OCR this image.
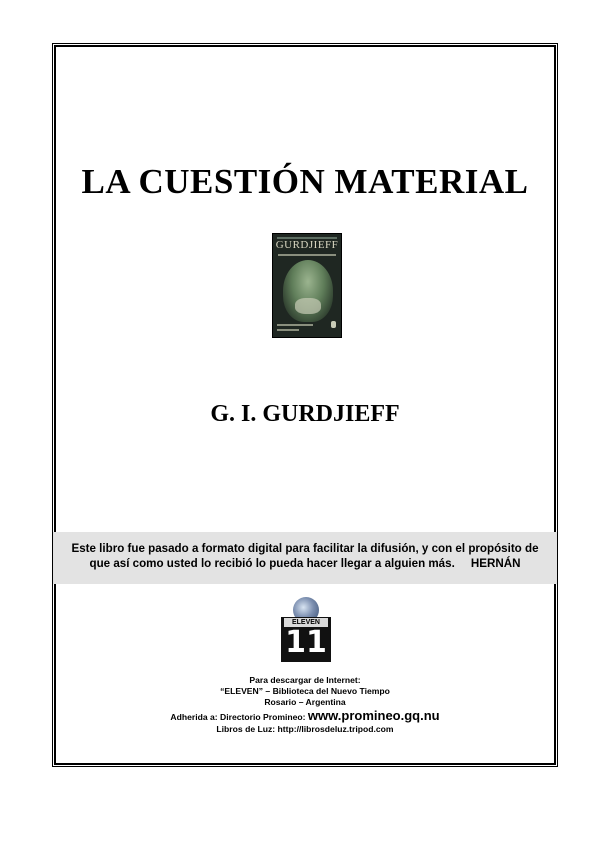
LA CUESTIÓN MATERIAL
GURDJIEFF
G. I. GURDJIEFF
Este libro fue pasado a formato digital para facilitar la difusión, y con el propósito de
que así como usted lo recibió lo pueda hacer llegar a alguien más. HERNÁN
ELEVEN
11
Para descargar de Internet:
“ELEVEN” – Biblioteca del Nuevo Tiempo
Rosario – Argentina
Adherida a: Directorio Promineo: www.promineo.gq.nu
Libros de Luz: http://librosdeluz.tripod.com
